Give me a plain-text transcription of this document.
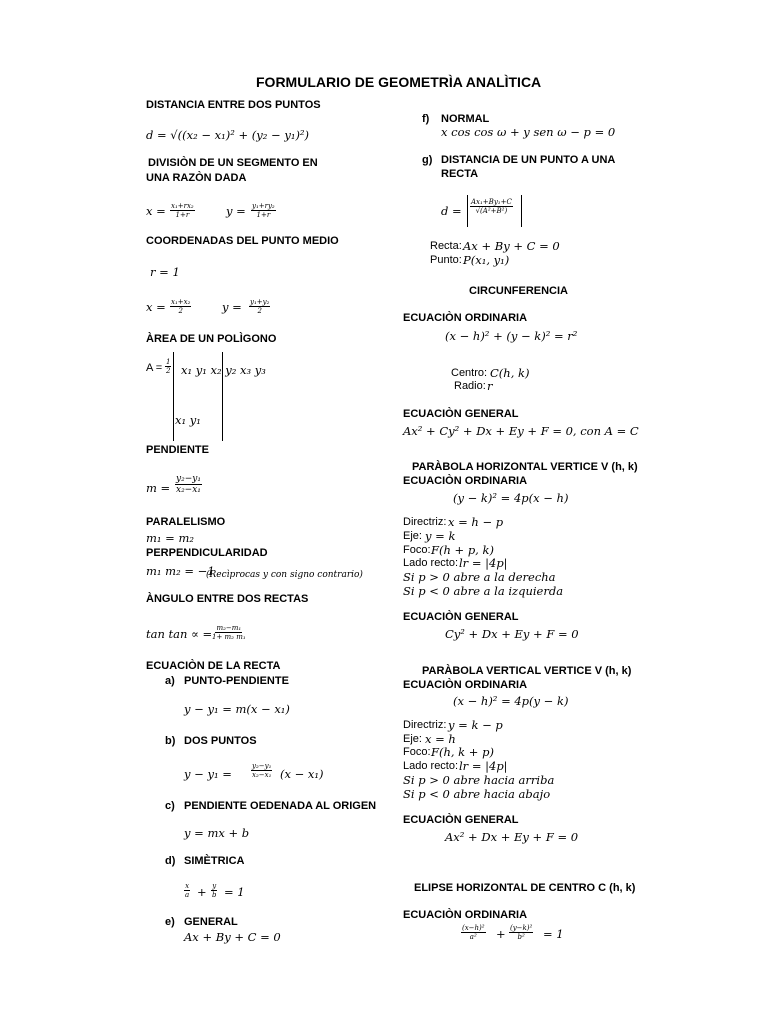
FORMULARIO DE GEOMETRÌA ANALÌTICA
DISTANCIA ENTRE DOS PUNTOS
d = √((x₂ − x₁)² + (y₂ − y₁)²)
DIVISIÒN DE UN SEGMENTO EN
UNA RAZÒN DADA
$x = \frac{\text{x₁+rx₂}}{1+r}$	$y = \frac{\text{y₁+ry₂}}{1+r}$
COORDENADAS DEL PUNTO MEDIO
r = 1
$x = \frac{\text{x₁+x₂}}{2}$	$y = \frac{\text{y₁+y₂}}{2}$
ÀREA DE UN POLÌGONO
$A = \frac{1}{2} x_1$ y₁ x₂ y₂ x₃ y₃
x₁ y₁
PENDIENTE
$m = \frac{\text{y₂−y₁}}{\text{x₂−x₁}}$
PARALELISMO
m₁ = m₂
PERPENDICULARIDAD
m₁ m₂ = −1
(Recìprocas y con signo contrario)
ÀNGULO ENTRE DOS RECTAS
tan tan ∝ =
$\frac{\text{m₂−m₁}}{\text{1+ m₂ m₁}}$
ECUACIÒN DE LA RECTA
a) PUNTO-PENDIENTE
y − y₁ = m(x − x₁)
b) DOS PUNTOS
y − y₁ =	$\frac{\text{y₂−y₁}}{\text{x₂−x₁}} (x - x_1)$
c) PENDIENTE OEDENADA AL ORIGEN
y = mx + b
d) SIMÈTRICA
$\frac{x}{a} + \frac{y}{b} = 1$
e) GENERAL
Ax + By + C = 0
f) NORMAL
x cos cos ω + y sen ω − p = 0
g) DISTANCIA DE UN PUNTO A UNA
RECTA
$d = \frac{\text{Ax₁+By₁+C}}{\text{√(A²+B²)}}$
Recta: Ax + By + C = 0
Punto: P(x₁, y₁)
CIRCUNFERENCIA
ECUACIÒN ORDINARIA
(x − h)² + (y − k)² = r²
Centro: C(h, k)
Radio: r
ECUACIÒN GENERAL
Ax² + Cy² + Dx + Ey + F = 0, con A = C
PARÀBOLA HORIZONTAL VERTICE V (h, k)
ECUACIÒN ORDINARIA
(y − k)² = 4p(x − h)
Directriz: x = h − p
Eje: y = k
Foco: F(h + p, k)
Lado recto: lr = |4p|
Si p > 0 abre a la derecha
Si p < 0 abre a la izquierda
ECUACIÒN GENERAL
Cy² + Dx + Ey + F = 0
PARÀBOLA VERTICAL VERTICE V (h, k)
ECUACIÒN ORDINARIA
(x − h)² = 4p(y − k)
Directriz: y = k − p
Eje: x = h
Foco: F(h, k + p)
Lado recto: lr = |4p|
Si p > 0 abre hacia arriba
Si p < 0 abre hacia abajo
ECUACIÒN GENERAL
Ax² + Dx + Ey + F = 0
ELIPSE HORIZONTAL DE CENTRO C (h, k)
ECUACIÒN ORDINARIA
$\frac{\text{(x−h)²}}{\text{a²}} + \frac{\text{(y−k)²}}{\text{b²}} = 1$
